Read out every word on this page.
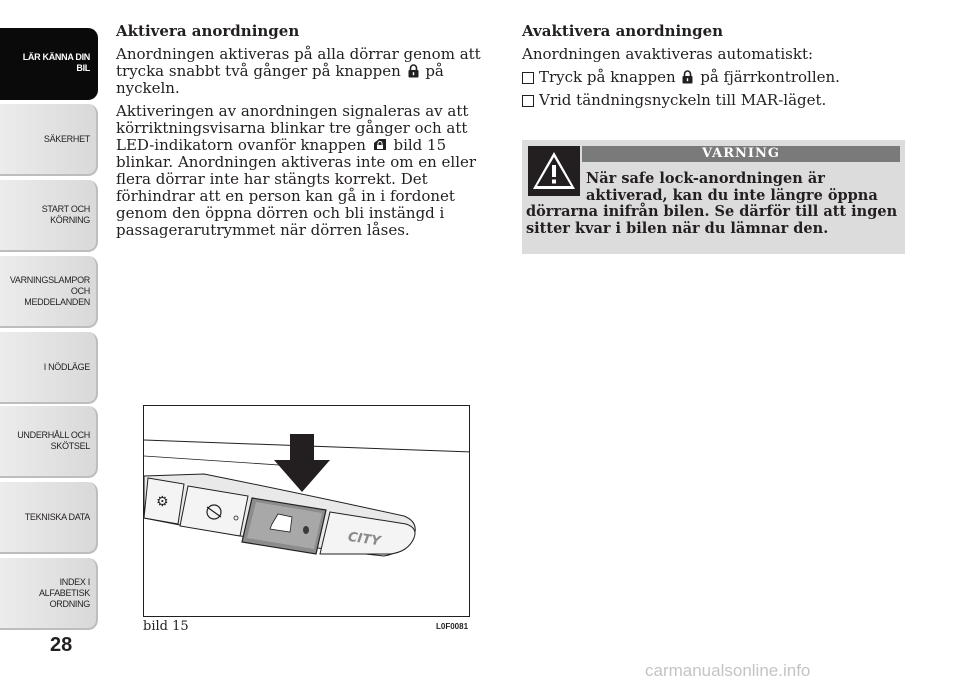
LÄR KÄNNA DIN
BIL
SÄKERHET
START OCH
KÖRNING
VARNINGSLAMPOR
OCH
MEDDELANDEN
I NÖDLÄGE
UNDERHÅLL OCH
SKÖTSEL
TEKNISKA DATA
INDEX I
ALFABETISK
ORDNING
28
Aktivera anordningen
Anordningen aktiveras på alla dörrar genom att trycka snabbt två gånger på knappen på nyckeln.
Aktiveringen av anordningen signaleras av att körriktningsvisarna blinkar tre gånger och att LED-indikatorn ovanför knappen bild 15 blinkar. Anordningen aktiveras inte om en eller flera dörrar inte har stängts korrekt. Det förhindrar att en person kan gå in i fordonet genom den öppna dörren och bli instängd i passagerarutrymmet när dörren låses.
Avaktivera anordningen
Anordningen avaktiveras automatiskt:
Tryck på knappen på fjärrkontrollen.
Vrid tändningsnyckeln till MAR-läget.
VARNING
När safe lock-anordningen är
aktiverad, kan du inte längre öppna
dörrarna inifrån bilen. Se därför till att ingen sitter kvar i bilen när du lämnar den.
⚙
CITY
bild 15	L0F0081
carmanualsonline.info
